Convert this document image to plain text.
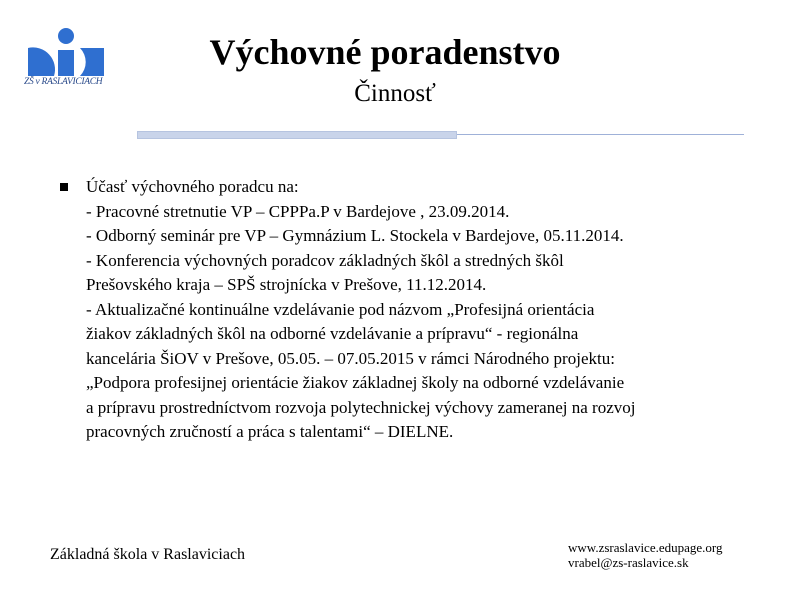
ZŠ v RASLAVICIACH
Výchovné poradenstvo
Činnosť
Účasť výchovného poradcu na:
- Pracovné stretnutie VP – CPPPa.P v Bardejove , 23.09.2014.
- Odborný seminár pre VP – Gymnázium L. Stockela v Bardejove, 05.11.2014.
- Konferencia výchovných poradcov základných škôl a stredných škôl
Prešovského kraja – SPŠ strojnícka v Prešove, 11.12.2014.
- Aktualizačné kontinuálne vzdelávanie pod názvom „Profesijná orientácia
žiakov základných škôl na odborné vzdelávanie a prípravu“ - regionálna
kancelária ŠiOV v Prešove, 05.05. – 07.05.2015 v rámci Národného projektu:
„Podpora profesijnej orientácie žiakov základnej školy na odborné vzdelávanie
a prípravu prostredníctvom rozvoja polytechnickej výchovy zameranej na rozvoj
pracovných zručností a práca s talentami“ – DIELNE.
Základná škola v Raslaviciach	www.zsraslavice.edupage.org
vrabel@zs-raslavice.sk
